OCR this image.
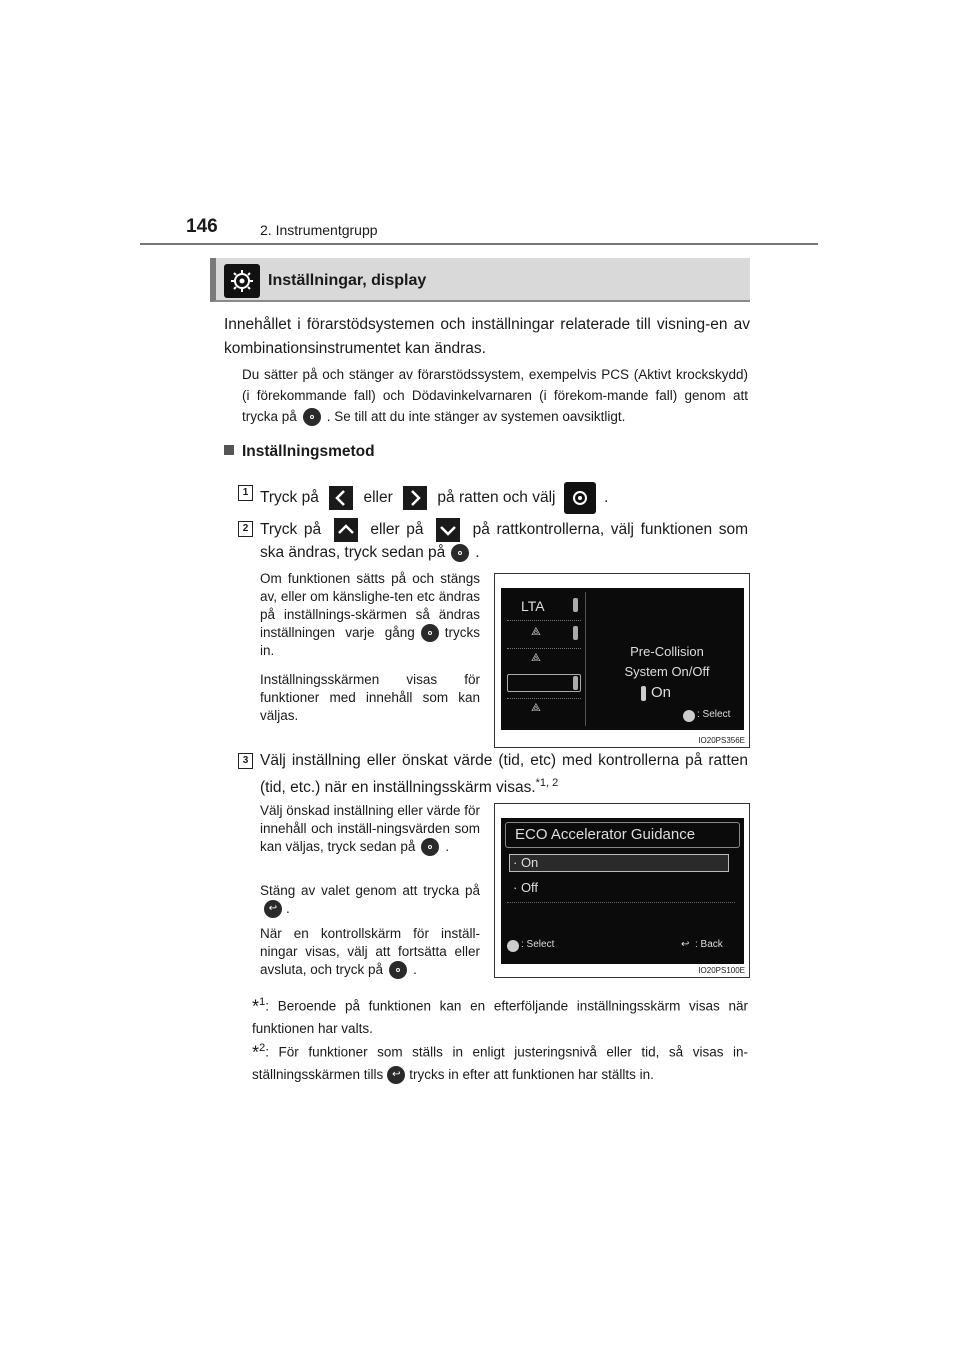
146	2. Instrumentgrupp
Inställningar, display
Innehållet i förarstödsystemen och inställningar relaterade till visning-en av kombinationsinstrumentet kan ändras.
Du sätter på och stänger av förarstödssystem, exempelvis PCS (Aktivt krockskydd) (i förekommande fall) och Dödavinkelvarnaren (i förekom-mande fall) genom att trycka på . Se till att du inte stänger av systemen oavsiktligt.
Inställningsmetod
1 Tryck på	eller	på ratten och välj	.
2 Tryck på	eller på	på rattkontrollerna, välj funktionen som ska ändras, tryck sedan på .
Om funktionen sätts på och stängs av, eller om känslighe-ten etc ändras på inställnings-skärmen så ändras inställningen varje gång trycks in.
Inställningsskärmen visas för funktioner med innehåll som kan väljas.
LTA
⟁
⟁
⟁
Pre-Collision
System On/Off
On
: Select
IO20PS356E
3 Välj inställning eller önskat värde (tid, etc) med kontrollerna på ratten (tid, etc.) när en inställningsskärm visas.$^{*1, 2}$
Välj önskad inställning eller värde för innehåll och inställ-ningsvärden som kan väljas, tryck sedan på .
Stäng av valet genom att trycka på↩ .
När en kontrollskärm för inställ-ningar visas, välj att fortsätta eller avsluta, och tryck på .
ECO Accelerator Guidance
· On
· Off
: Select	↩ : Back
IO20PS100E
*$^1$: Beroende på funktionen kan en efterföljande inställningsskärm visas när funktionen har valts.
*$^2$: För funktioner som ställs in enligt justeringsnivå eller tid, så visas in-ställningsskärmen tills ↩ trycks in efter att funktionen har ställts in.
